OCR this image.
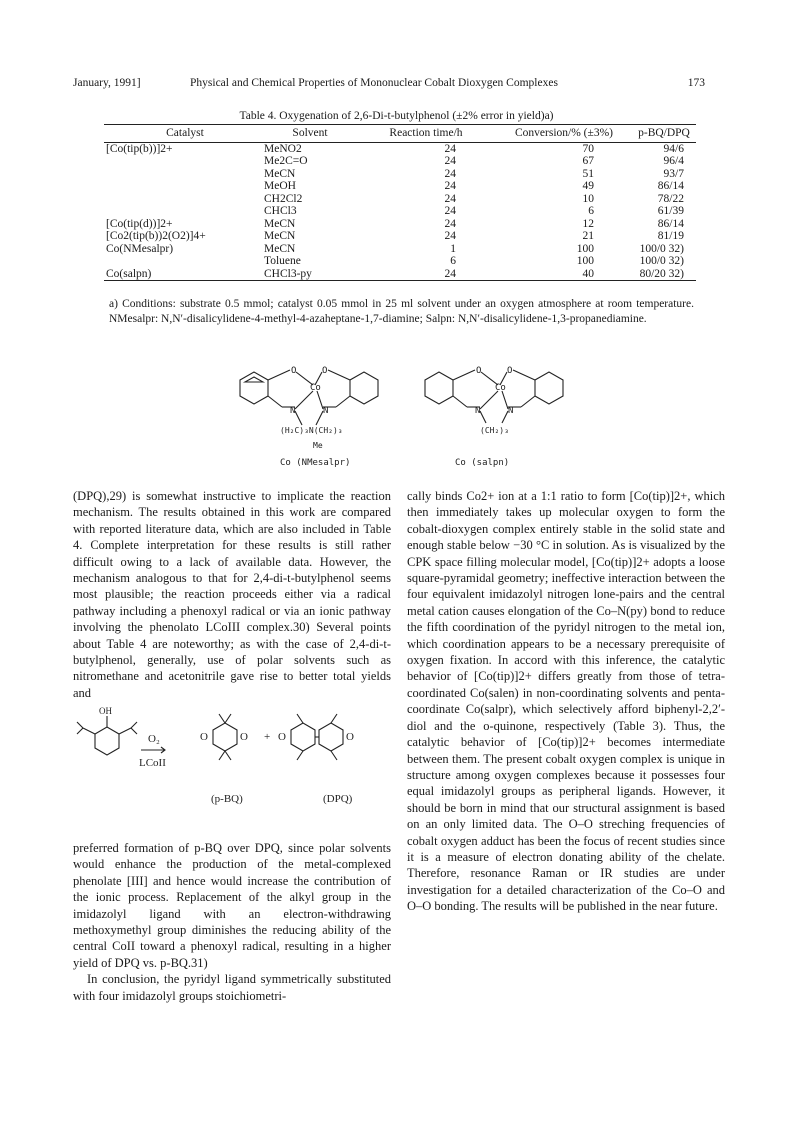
January, 1991]	Physical and Chemical Properties of Mononuclear Cobalt Dioxygen Complexes	173
Table 4. Oxygenation of 2,6-Di-t-butylphenol (±2% error in yield)a)
Catalyst	Solvent	Reaction time/h	Conversion/% (±3%)	p-BQ/DPQ
[Co(tip(b))]2+	MeNO2	24	70	94/6
	Me2C=O	24	67	96/4
	MeCN	24	51	93/7
	MeOH	24	49	86/14
	CH2Cl2	24	10	78/22
	CHCl3	24	6	61/39
[Co(tip(d))]2+	MeCN	24	12	86/14
[Co2(tip(b))2(O2)]4+	MeCN	24	21	81/19
Co(NMesalpr)	MeCN	1	100	100/0 32)
	Toluene	6	100	100/0 32)
Co(salpn)	CHCl3-py	24	40	80/20 32)
a) Conditions: substrate 0.5 mmol; catalyst 0.05 mmol in 25 ml solvent under an oxygen atmosphere at room temperature. NMesalpr: N,N′-disalicylidene-4-methyl-4-azaheptane-1,7-diamine; Salpn: N,N′-disalicylidene-1,3-propanediamine.
O	O
Co
N	N
O	O
Co
N	N
(H₂C)₃N(CH₂)₃
Me
(CH₂)₃
Co (NMesalpr)	Co (salpn)
(DPQ),29) is somewhat instructive to implicate the reaction mechanism. The results obtained in this work are compared with reported literature data, which are also included in Table 4. Complete interpretation for these results is still rather difficult owing to a lack of available data. However, the mechanism analogous to that for 2,4-di-t-butylphenol seems most plausible; the reaction proceeds either via a radical pathway including a phenoxyl radical or via an ionic pathway involving the phenolato LCoIII complex.30) Several points about Table 4 are noteworthy; as with the case of 2,4-di-t-butylphenol, generally, use of polar solvents such as nitromethane and acetonitrile gave rise to better total yields and
OH
O₂
LCoII
O	O + O	O
(p-BQ)	(DPQ)
preferred formation of p-BQ over DPQ, since polar solvents would enhance the production of the metal-complexed phenolate [III] and hence would increase the contribution of the ionic process. Replacement of the alkyl group in the imidazolyl ligand with an electron-withdrawing methoxymethyl group diminishes the reducing ability of the central CoII toward a phenoxyl radical, resulting in a higher yield of DPQ vs. p-BQ.31)
In conclusion, the pyridyl ligand symmetrically substituted with four imidazolyl groups stoichiometri-
cally binds Co2+ ion at a 1:1 ratio to form [Co(tip)]2+, which then immediately takes up molecular oxygen to form the cobalt-dioxygen complex entirely stable in the solid state and enough stable below −30 °C in solution. As is visualized by the CPK space filling molecular model, [Co(tip)]2+ adopts a loose square-pyramidal geometry; ineffective interaction between the four equivalent imidazolyl nitrogen lone-pairs and the central metal cation causes elongation of the Co–N(py) bond to reduce the fifth coordination of the pyridyl nitrogen to the metal ion, which coordination appears to be a necessary prerequisite of oxygen fixation. In accord with this inference, the catalytic behavior of [Co(tip)]2+ differs greatly from those of tetra-coordinated Co(salen) in non-coordinating solvents and penta-coordinate Co(salpr), which selectively afford biphenyl-2,2′-diol and the o-quinone, respectively (Table 3). Thus, the catalytic behavior of [Co(tip)]2+ becomes intermediate between them. The present cobalt oxygen complex is unique in structure among oxygen complexes because it possesses four equal imidazolyl groups as peripheral ligands. However, it should be born in mind that our structural assignment is based on an only limited data. The O–O streching frequencies of cobalt oxygen adduct has been the focus of recent studies since it is a measure of electron donating ability of the chelate. Therefore, resonance Raman or IR studies are under investigation for a detailed characterization of the Co–O and O–O bonding. The results will be published in the near future.
